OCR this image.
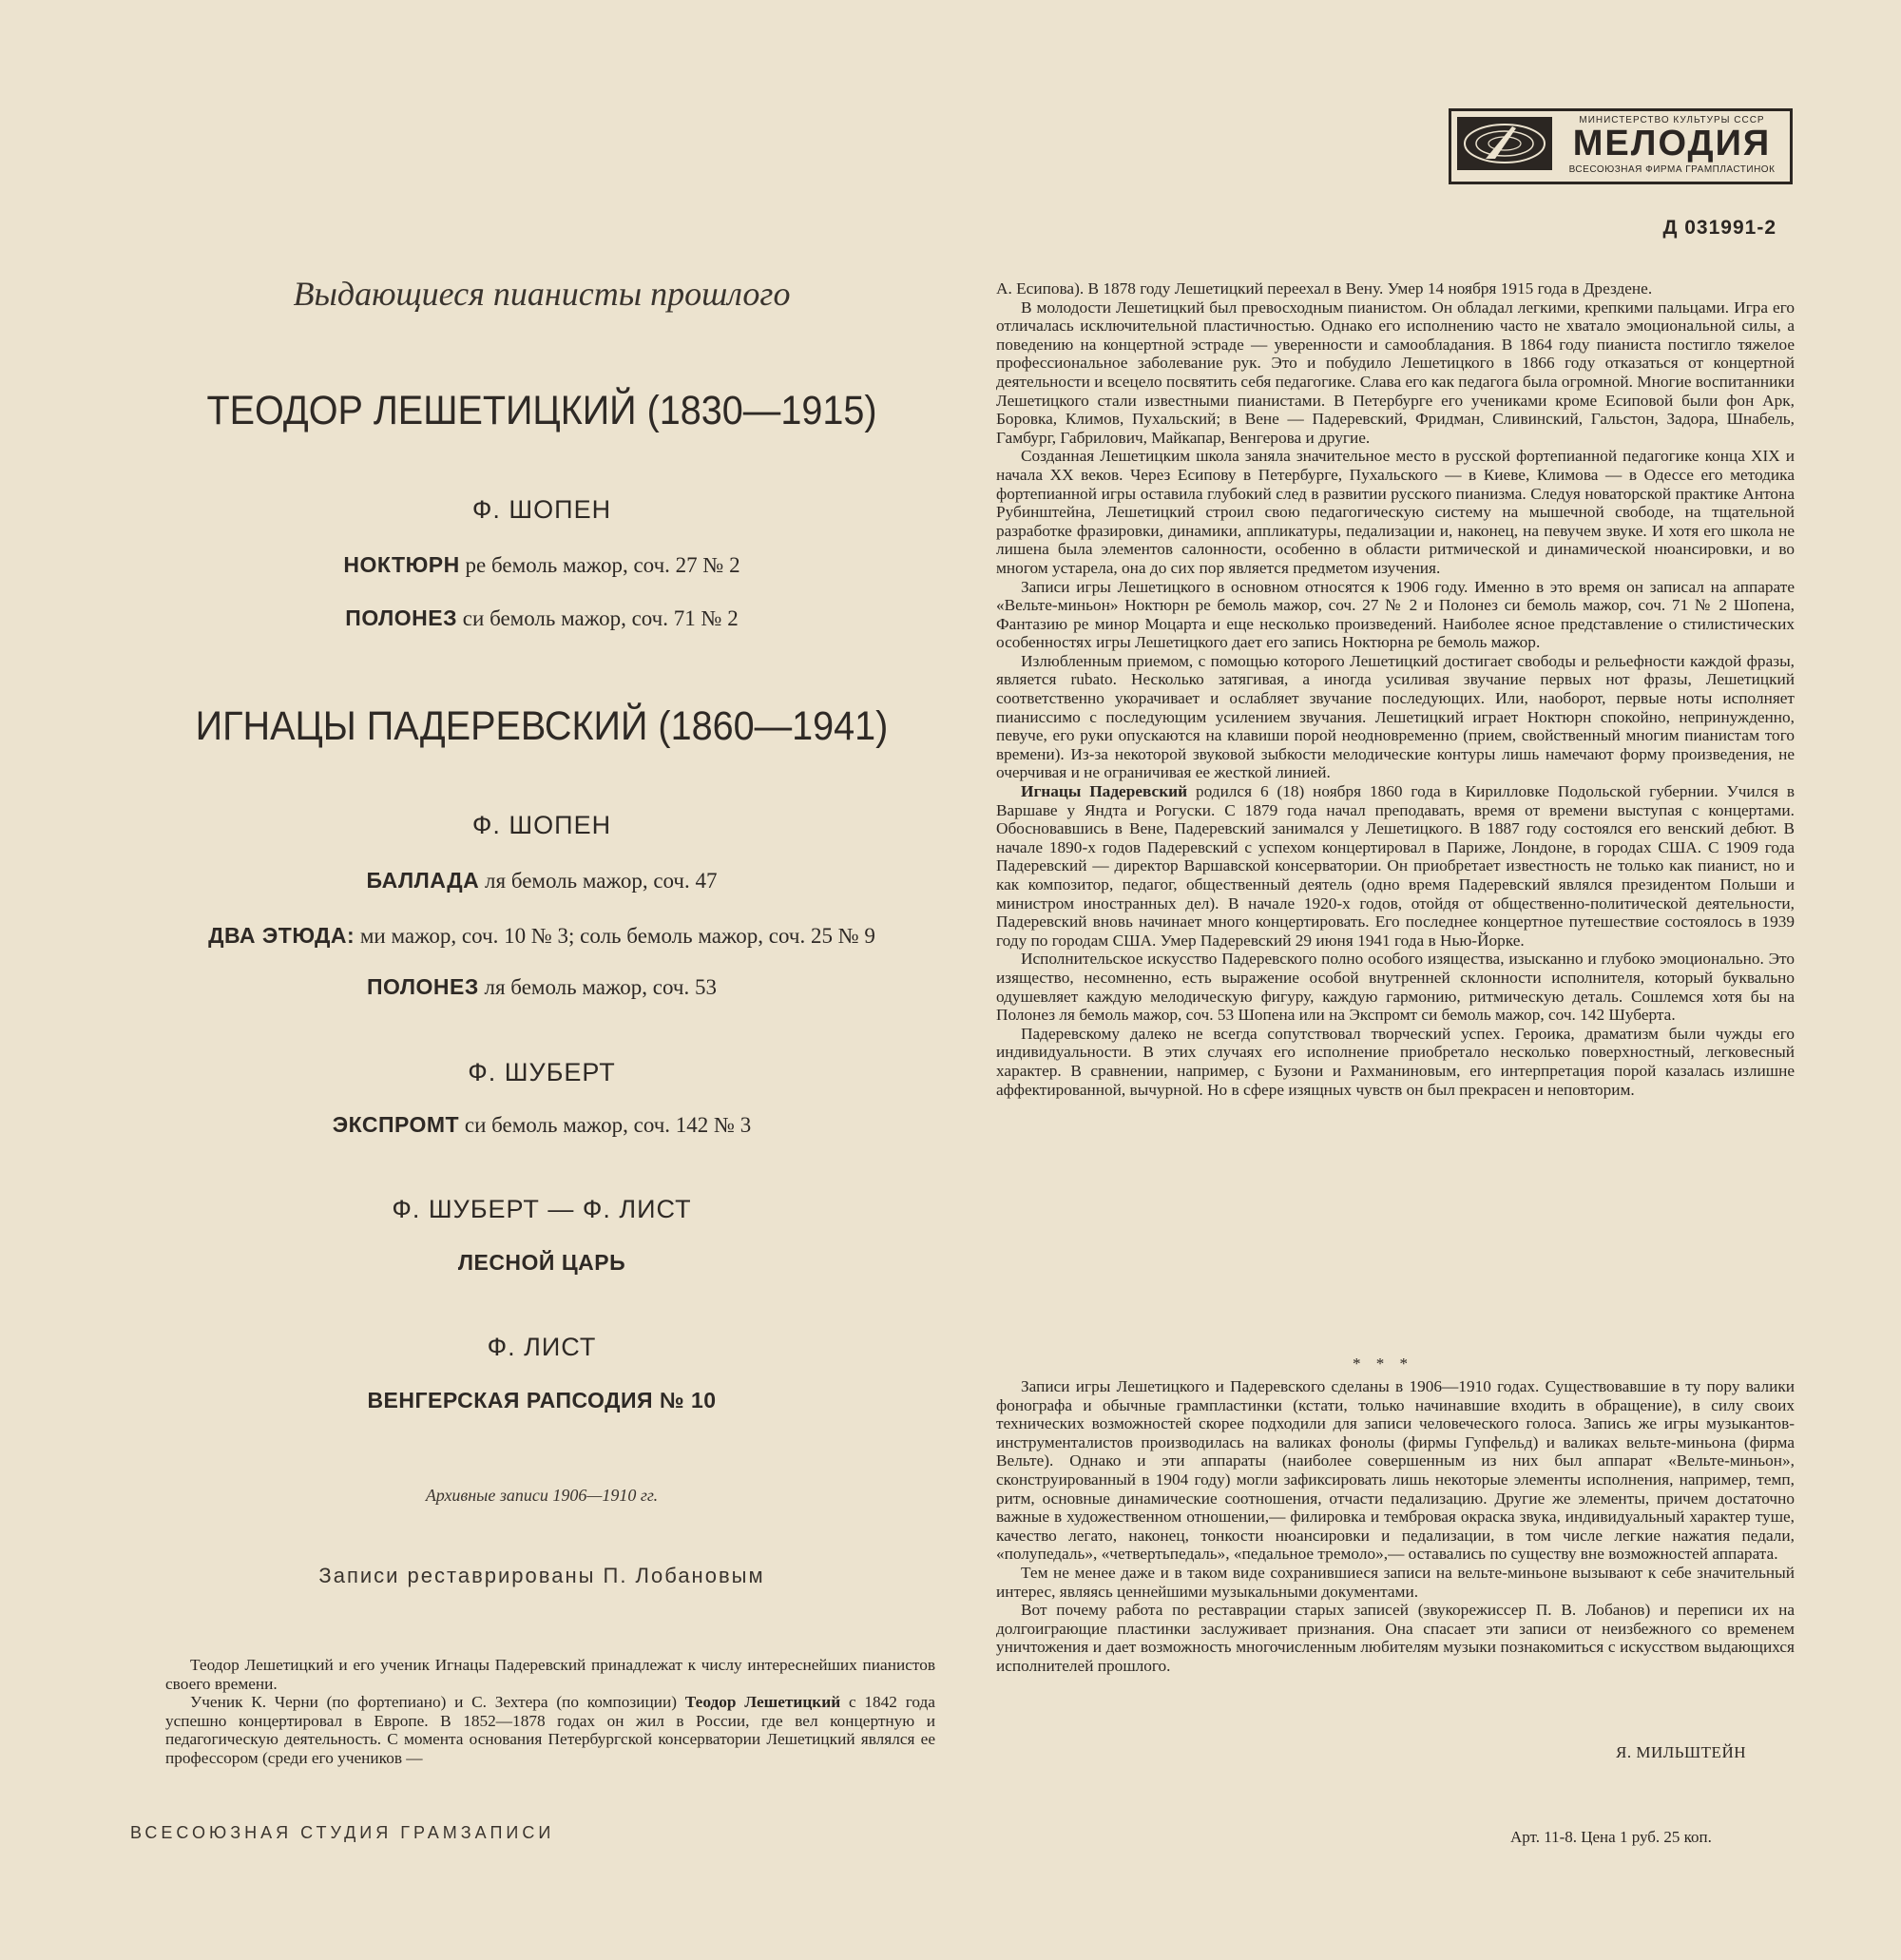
МИНИСТЕРСТВО КУЛЬТУРЫ СССР
МЕЛОДИЯ
ВСЕСОЮЗНАЯ ФИРМА ГРАМПЛАСТИНОК
Д 031991-2
Выдающиеся пианисты прошлого
ТЕОДОР ЛЕШЕТИЦКИЙ (1830—1915)
Ф. ШОПЕН
НОКТЮРН ре бемоль мажор, соч. 27 № 2
ПОЛОНЕЗ си бемоль мажор, соч. 71 № 2
ИГНАЦЫ ПАДЕРЕВСКИЙ (1860—1941)
Ф. ШОПЕН
БАЛЛАДА ля бемоль мажор, соч. 47
ДВА ЭТЮДА: ми мажор, соч. 10 № 3; соль бемоль мажор, соч. 25 № 9
ПОЛОНЕЗ ля бемоль мажор, соч. 53
Ф. ШУБЕРТ
ЭКСПРОМТ си бемоль мажор, соч. 142 № 3
Ф. ШУБЕРТ — Ф. ЛИСТ
ЛЕСНОЙ ЦАРЬ
Ф. ЛИСТ
ВЕНГЕРСКАЯ РАПСОДИЯ № 10
Архивные записи 1906—1910 гг.
Записи реставрированы П. Лобановым

Теодор Лешетицкий и его ученик Игнацы Падеревский принадлежат к числу интереснейших пианистов своего времени.

Ученик К. Черни (по фортепиано) и С. Зехтера (по композиции) Теодор Лешетицкий с 1842 года успешно концертировал в Европе. В 1852—1878 годах он жил в России, где вел концертную и педагогическую деятельность. С момента основания Петербургской консерватории Лешетицкий являлся ее профессором (среди его учеников —

А. Есипова). В 1878 году Лешетицкий переехал в Вену. Умер 14 ноября 1915 года в Дрездене.

В молодости Лешетицкий был превосходным пианистом. Он обладал легкими, крепкими пальцами. Игра его отличалась исключительной пластичностью. Однако его исполнению часто не хватало эмоциональной силы, а поведению на концертной эстраде — уверенности и самообладания. В 1864 году пианиста постигло тяжелое профессиональное заболевание рук. Это и побудило Лешетицкого в 1866 году отказаться от концертной деятельности и всецело посвятить себя педагогике. Слава его как педагога была огромной. Многие воспитанники Лешетицкого стали известными пианистами. В Петербурге его учениками кроме Есиповой были фон Арк, Боровка, Климов, Пухальский; в Вене — Падеревский, Фридман, Сливинский, Гальстон, Задора, Шнабель, Гамбург, Габрилович, Майкапар, Венгерова и другие.

Созданная Лешетицким школа заняла значительное место в русской фортепианной педагогике конца XIX и начала XX веков. Через Есипову в Петербурге, Пухальского — в Киеве, Климова — в Одессе его методика фортепианной игры оставила глубокий след в развитии русского пианизма. Следуя новаторской практике Антона Рубинштейна, Лешетицкий строил свою педагогическую систему на мышечной свободе, на тщательной разработке фразировки, динамики, аппликатуры, педализации и, наконец, на певучем звуке. И хотя его школа не лишена была элементов салонности, особенно в области ритмической и динамической нюансировки, и во многом устарела, она до сих пор является предметом изучения.

Записи игры Лешетицкого в основном относятся к 1906 году. Именно в это время он записал на аппарате «Вельте-миньон» Ноктюрн ре бемоль мажор, соч. 27 № 2 и Полонез си бемоль мажор, соч. 71 № 2 Шопена, Фантазию ре минор Моцарта и еще несколько произведений. Наиболее ясное представление о стилистических особенностях игры Лешетицкого дает его запись Ноктюрна ре бемоль мажор.

Излюбленным приемом, с помощью которого Лешетицкий достигает свободы и рельефности каждой фразы, является rubato. Несколько затягивая, а иногда усиливая звучание первых нот фразы, Лешетицкий соответственно укорачивает и ослабляет звучание последующих. Или, наоборот, первые ноты исполняет пианиссимо с последующим усилением звучания. Лешетицкий играет Ноктюрн спокойно, непринужденно, певуче, его руки опускаются на клавиши порой неодновременно (прием, свойственный многим пианистам того времени). Из-за некоторой звуковой зыбкости мелодические контуры лишь намечают форму произведения, не очерчивая и не ограничивая ее жесткой линией.

Игнацы Падеревский родился 6 (18) ноября 1860 года в Кирилловке Подольской губернии. Учился в Варшаве у Яндта и Рогуски. С 1879 года начал преподавать, время от времени выступая с концертами. Обосновавшись в Вене, Падеревский занимался у Лешетицкого. В 1887 году состоялся его венский дебют. В начале 1890-х годов Падеревский с успехом концертировал в Париже, Лондоне, в городах США. С 1909 года Падеревский — директор Варшавской консерватории. Он приобретает известность не только как пианист, но и как композитор, педагог, общественный деятель (одно время Падеревский являлся президентом Польши и министром иностранных дел). В начале 1920-х годов, отойдя от общественно-политической деятельности, Падеревский вновь начинает много концертировать. Его последнее концертное путешествие состоялось в 1939 году по городам США. Умер Падеревский 29 июня 1941 года в Нью-Йорке.

Исполнительское искусство Падеревского полно особого изящества, изысканно и глубоко эмоционально. Это изящество, несомненно, есть выражение особой внутренней склонности исполнителя, который буквально одушевляет каждую мелодическую фигуру, каждую гармонию, ритмическую деталь. Сошлемся хотя бы на Полонез ля бемоль мажор, соч. 53 Шопена или на Экспромт си бемоль мажор, соч. 142 Шуберта.

Падеревскому далеко не всегда сопутствовал творческий успех. Героика, драматизм были чужды его индивидуальности. В этих случаях его исполнение приобретало несколько поверхностный, легковесный характер. В сравнении, например, с Бузони и Рахманиновым, его интерпретация порой казалась излишне аффектированной, вычурной. Но в сфере изящных чувств он был прекрасен и неповторим.

* * *

Записи игры Лешетицкого и Падеревского сделаны в 1906—1910 годах. Существовавшие в ту пору валики фонографа и обычные грампластинки (кстати, только начинавшие входить в обращение), в силу своих технических возможностей скорее подходили для записи человеческого голоса. Запись же игры музыкантов-инструменталистов производилась на валиках фонолы (фирмы Гупфельд) и валиках вельте-миньона (фирма Вельте). Однако и эти аппараты (наиболее совершенным из них был аппарат «Вельте-миньон», сконструированный в 1904 году) могли зафиксировать лишь некоторые элементы исполнения, например, темп, ритм, основные динамические соотношения, отчасти педализацию. Другие же элементы, причем достаточно важные в художественном отношении,— филировка и тембровая окраска звука, индивидуальный характер туше, качество легато, наконец, тонкости нюансировки и педализации, в том числе легкие нажатия педали, «полупедаль», «четвертьпедаль», «педальное тремоло»,— оставались по существу вне возможностей аппарата.

Тем не менее даже и в таком виде сохранившиеся записи на вельте-миньоне вызывают к себе значительный интерес, являясь ценнейшими музыкальными документами.

Вот почему работа по реставрации старых записей (звукорежиссер П. В. Лобанов) и переписи их на долгоиграющие пластинки заслуживает признания. Она спасает эти записи от неизбежного со временем уничтожения и дает возможность многочисленным любителям музыки познакомиться с искусством выдающихся исполнителей прошлого.

Я. МИЛЬШТЕЙН
ВСЕСОЮЗНАЯ СТУДИЯ ГРАМЗАПИСИ	Арт. 11-8. Цена 1 руб. 25 коп.
